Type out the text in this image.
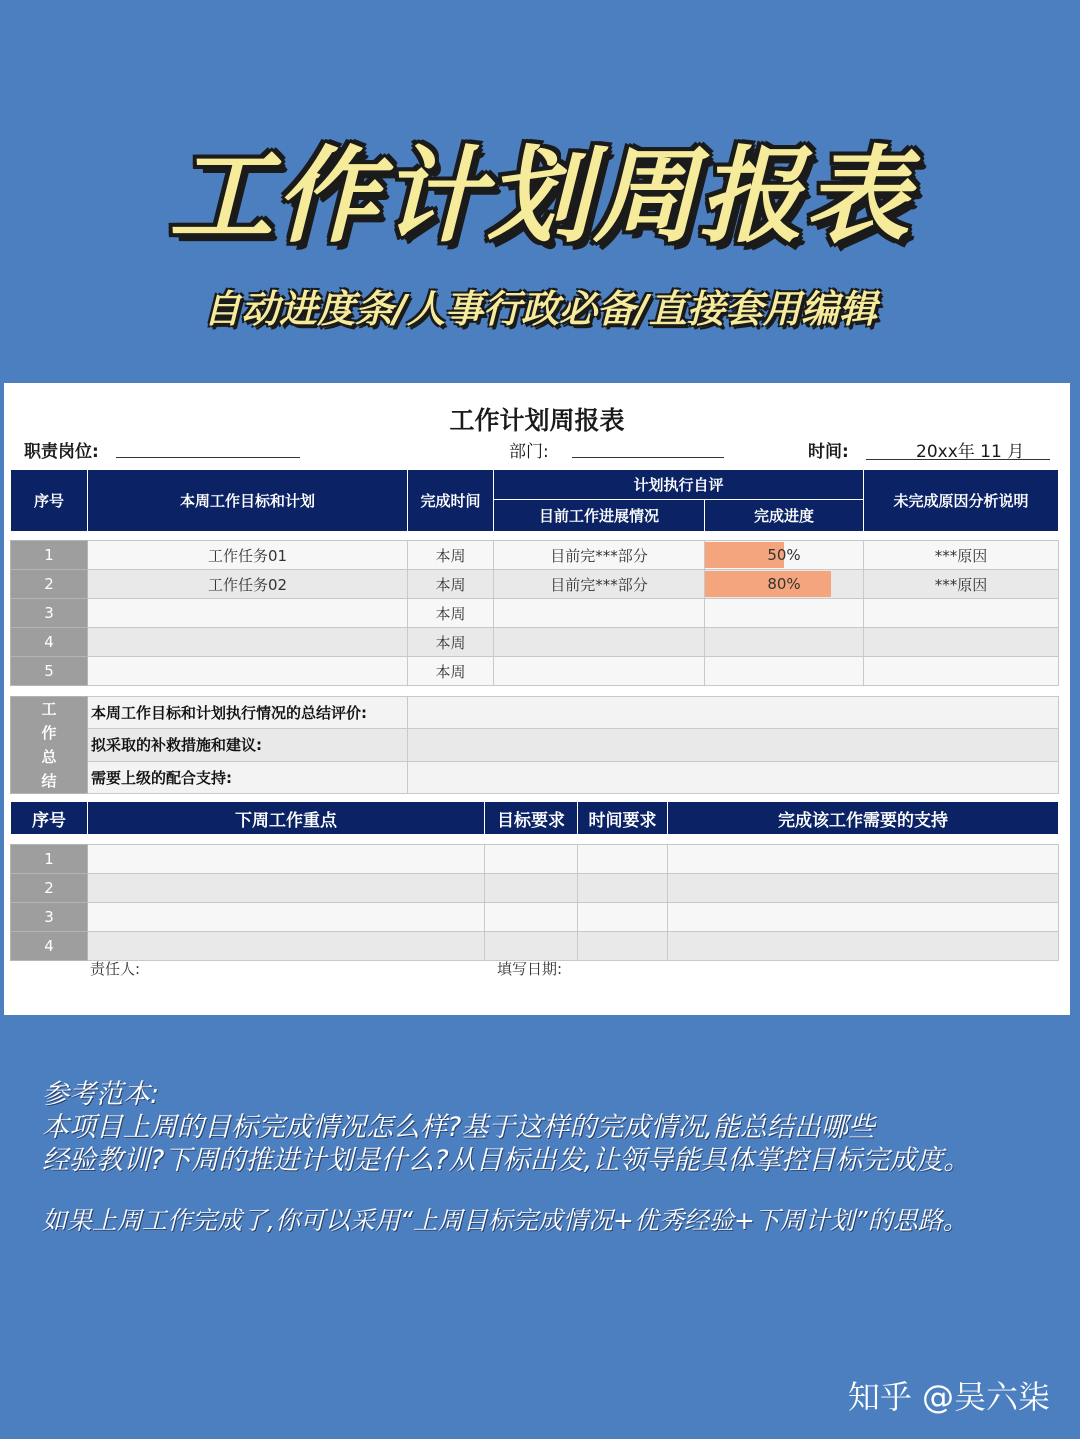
工作计划周报表
自动进度条/人事行政必备/直接套用编辑
工作计划周报表
职责岗位:	部门:	时间:	20xx年 11 月
序号	本周工作目标和计划	完成时间	计划执行自评		未完成原因分析说明
			目前工作进展情况	完成进度	
1	工作任务01	本周	目前完***部分	50%	***原因
2	工作任务02	本周	目前完***部分	80%	***原因
3		本周			
4		本周			
5		本周			
工
作
总
结	本周工作目标和计划执行情况的总结评价:	
	拟采取的补救措施和建议:	
	需要上级的配合支持:	
序号	下周工作重点	目标要求	时间要求	完成该工作需要的支持
1				
2				
3				
4				
责任人:	填写日期:
参考范本:
本项目上周的目标完成情况怎么样?基于这样的完成情况,能总结出哪些
经验教训?下周的推进计划是什么?从目标出发,让领导能具体掌控目标完成度。
如果上周工作完成了,你可以采用“上周目标完成情况+优秀经验+下周计划”的思路。
知乎 @吴六柒
